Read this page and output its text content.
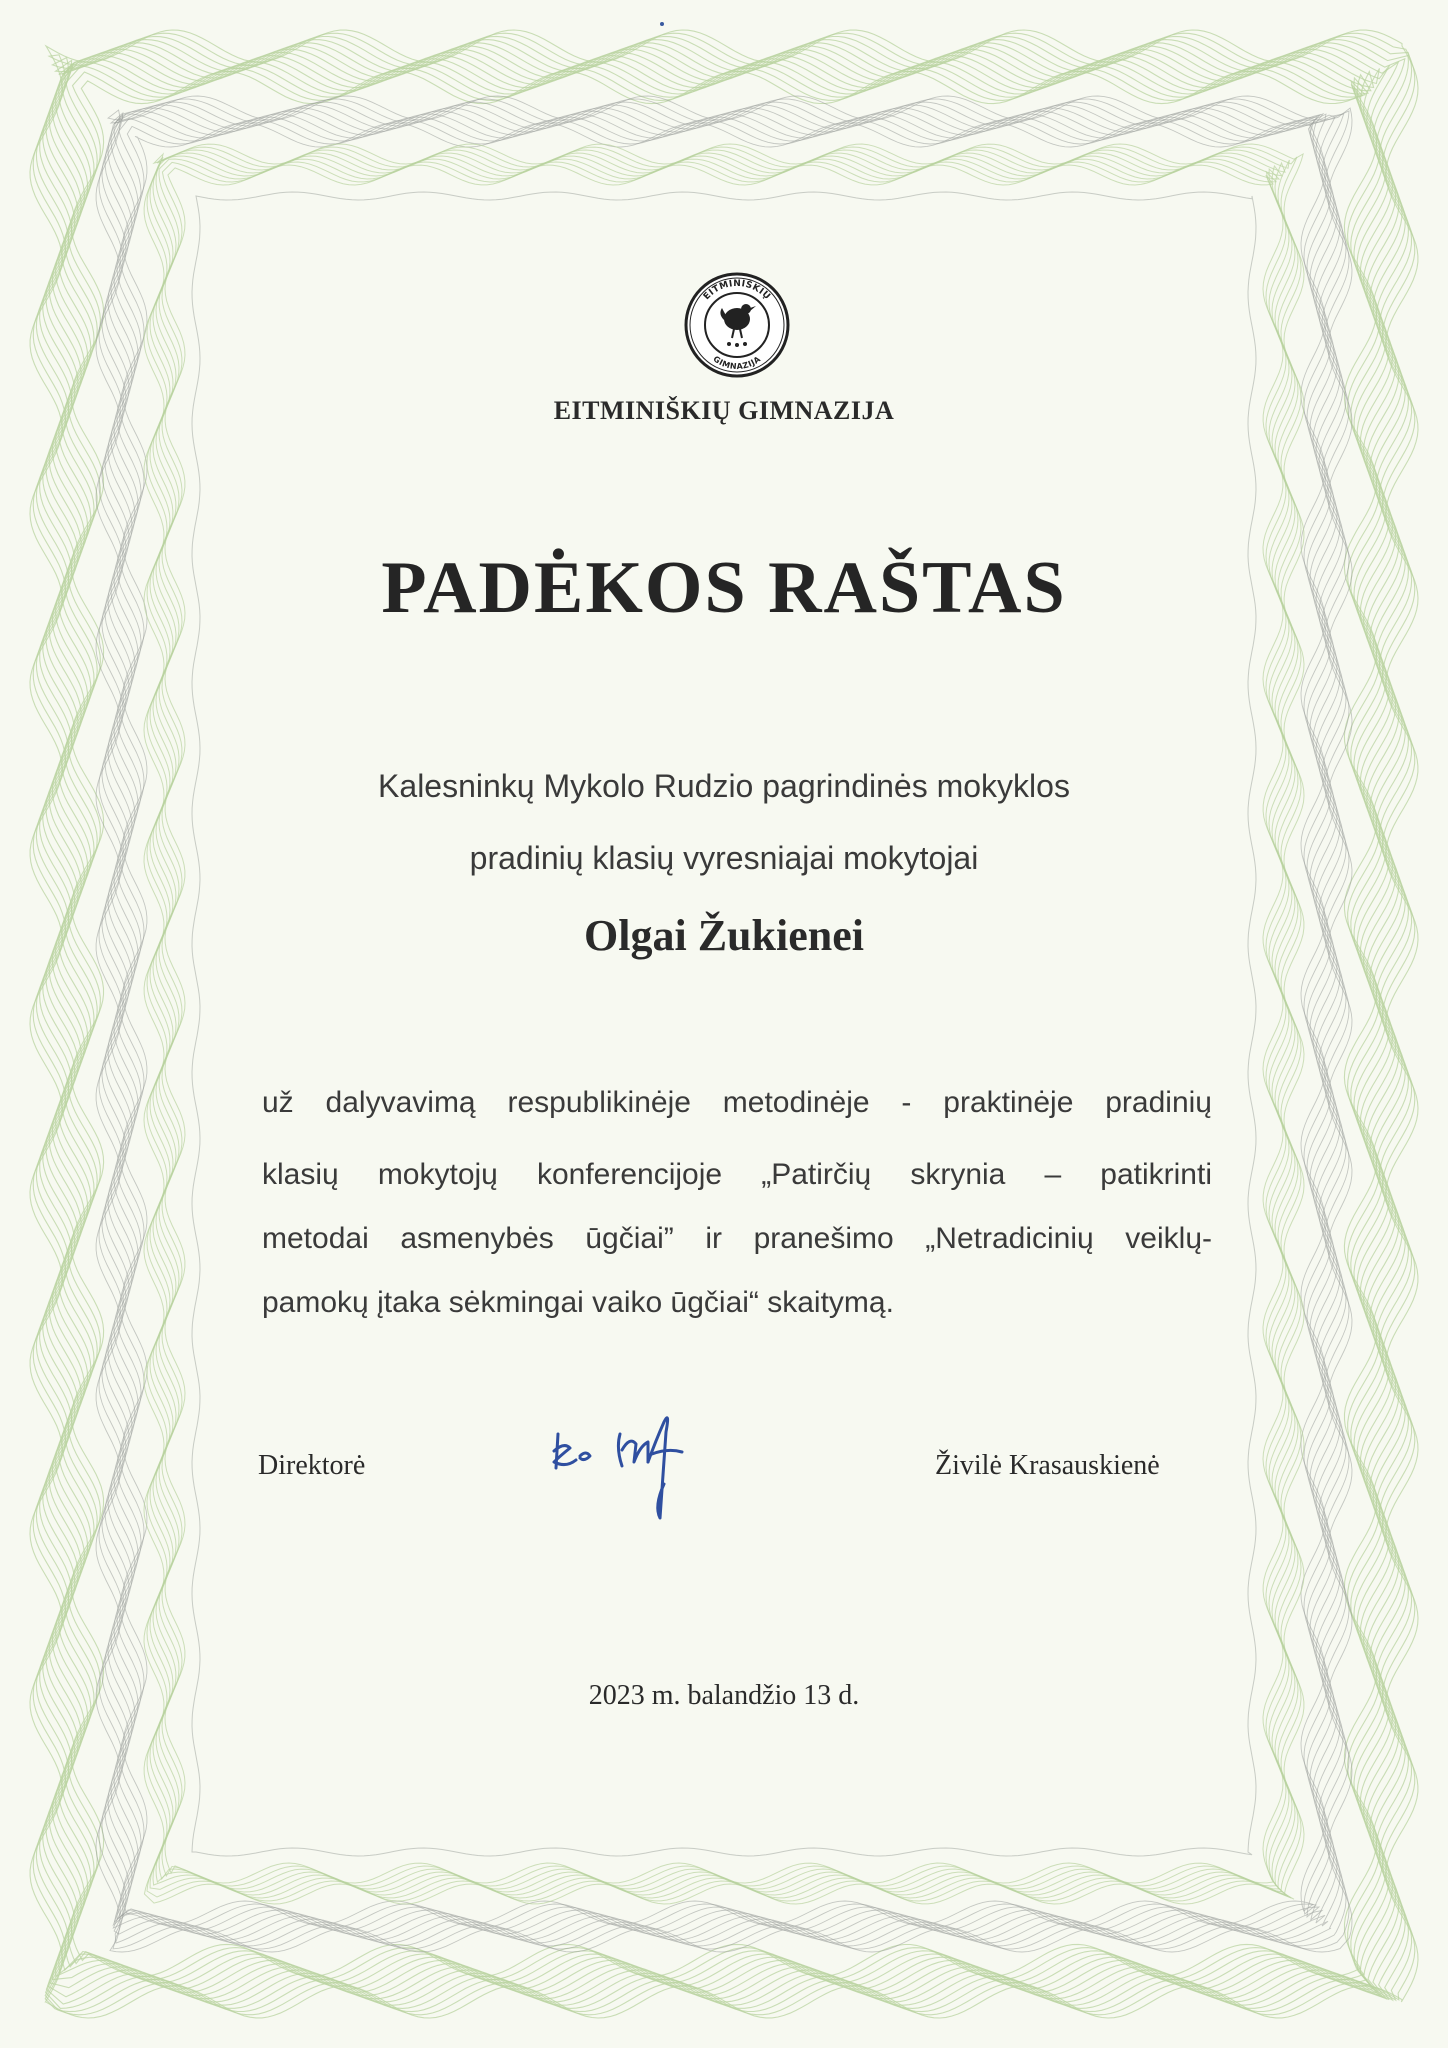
EITMINIŠKIŲ
GIMNAZIJA
EITMINIŠKIŲ GIMNAZIJA
PADĖKOS RAŠTAS
Kalesninkų Mykolo Rudzio pagrindinės mokyklos
pradinių klasių vyresniajai mokytojai
Olgai Žukienei
už dalyvavimą respublikinėje metodinėje - praktinėje pradinių
klasių mokytojų konferencijoje „Patirčių skrynia – patikrinti
metodai asmenybės ūgčiai” ir pranešimo „Netradicinių veiklų-
pamokų įtaka sėkmingai vaiko ūgčiai“ skaitymą.
Direktorė	Živilė Krasauskienė
2023 m. balandžio 13 d.
